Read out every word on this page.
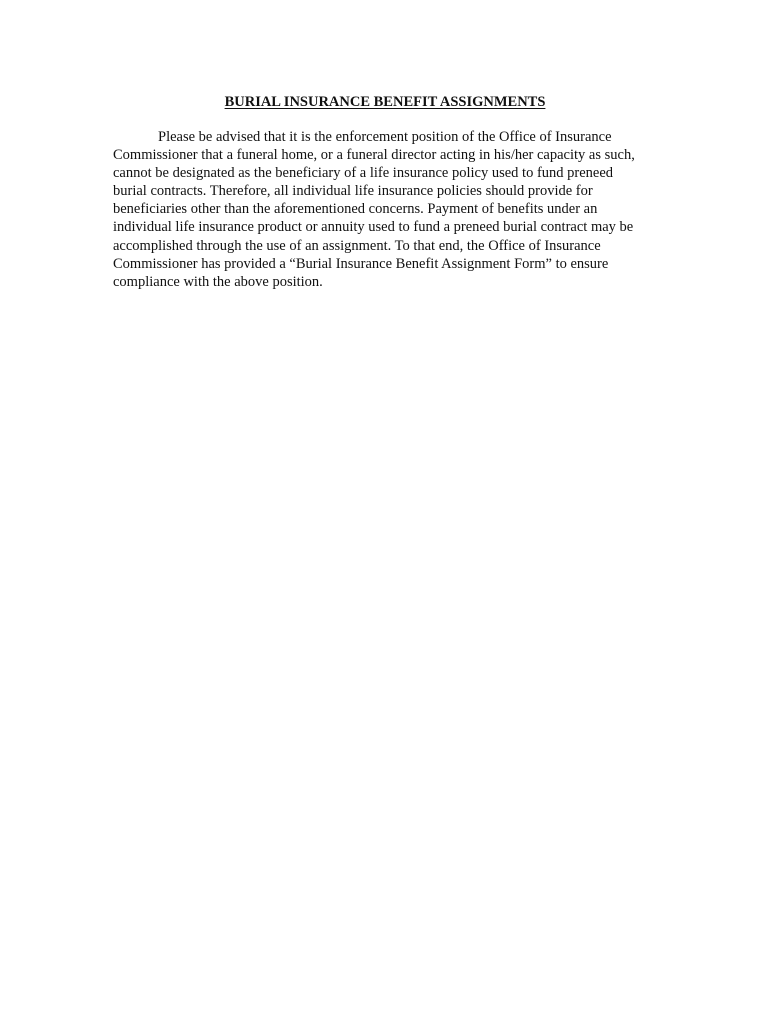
BURIAL INSURANCE BENEFIT ASSIGNMENTS

Please be advised that it is the enforcement position of the Office of Insurance
Commissioner that a funeral home, or a funeral director acting in his/her capacity as such,
cannot be designated as the beneficiary of a life insurance policy used to fund preneed
burial contracts. Therefore, all individual life insurance policies should provide for
beneficiaries other than the aforementioned concerns. Payment of benefits under an
individual life insurance product or annuity used to fund a preneed burial contract may be
accomplished through the use of an assignment. To that end, the Office of Insurance
Commissioner has provided a “Burial Insurance Benefit Assignment Form” to ensure
compliance with the above position.
